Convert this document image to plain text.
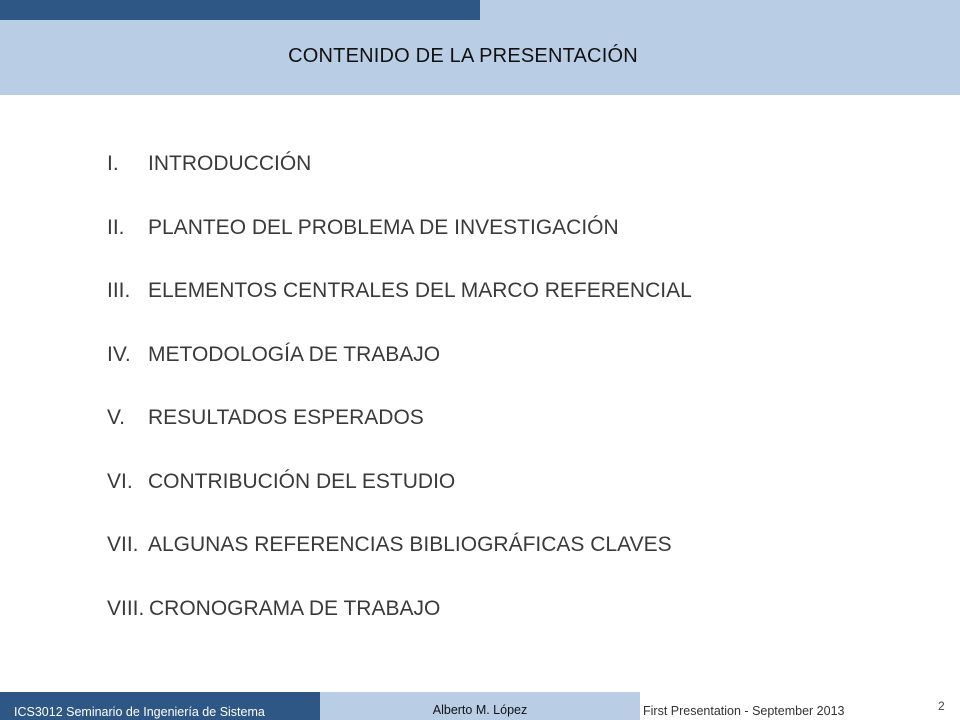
CONTENIDO DE LA PRESENTACIÓN
I. INTRODUCCIÓN
II. PLANTEO DEL PROBLEMA DE INVESTIGACIÓN
III. ELEMENTOS CENTRALES DEL MARCO REFERENCIAL
IV. METODOLOGÍA DE TRABAJO
V. RESULTADOS ESPERADOS
VI. CONTRIBUCIÓN DEL ESTUDIO
VII. ALGUNAS REFERENCIAS BIBLIOGRÁFICAS CLAVES
VIII. CRONOGRAMA DE TRABAJO
ICS3012 Seminario de Ingeniería de Sistema	Alberto M. López	First Presentation - September 2013	2
